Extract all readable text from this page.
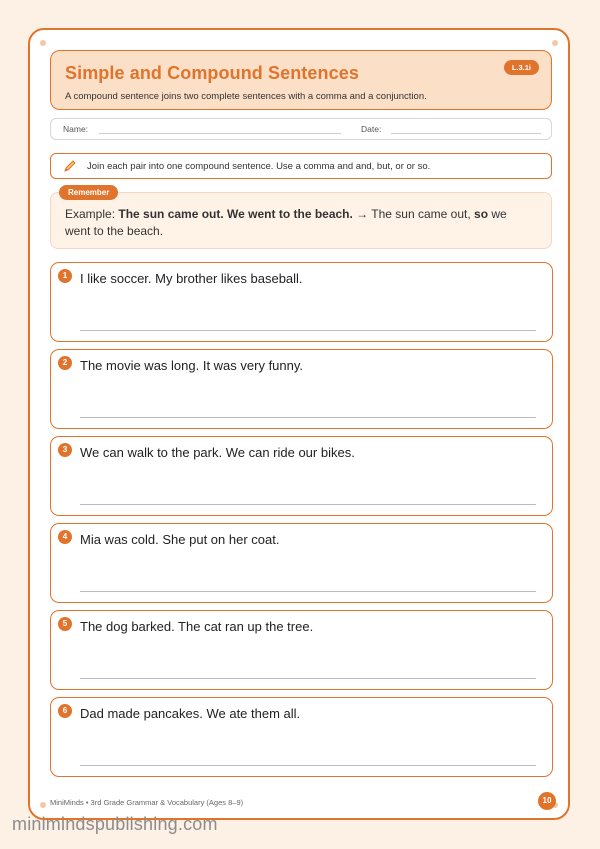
Simple and Compound Sentences
A compound sentence joins two complete sentences with a comma and a conjunction.
L.3.1i
Name:	Date:
Join each pair into one compound sentence. Use a comma and and, but, or or so.
Remember
Example: The sun came out. We went to the beach. → The sun came out, so we went to the beach.
1 I like soccer. My brother likes baseball.
2 The movie was long. It was very funny.
3 We can walk to the park. We can ride our bikes.
4 Mia was cold. She put on her coat.
5 The dog barked. The cat ran up the tree.
6 Dad made pancakes. We ate them all.
MiniMinds • 3rd Grade Grammar & Vocabulary (Ages 8–9)	10
minimindspublishing.com
